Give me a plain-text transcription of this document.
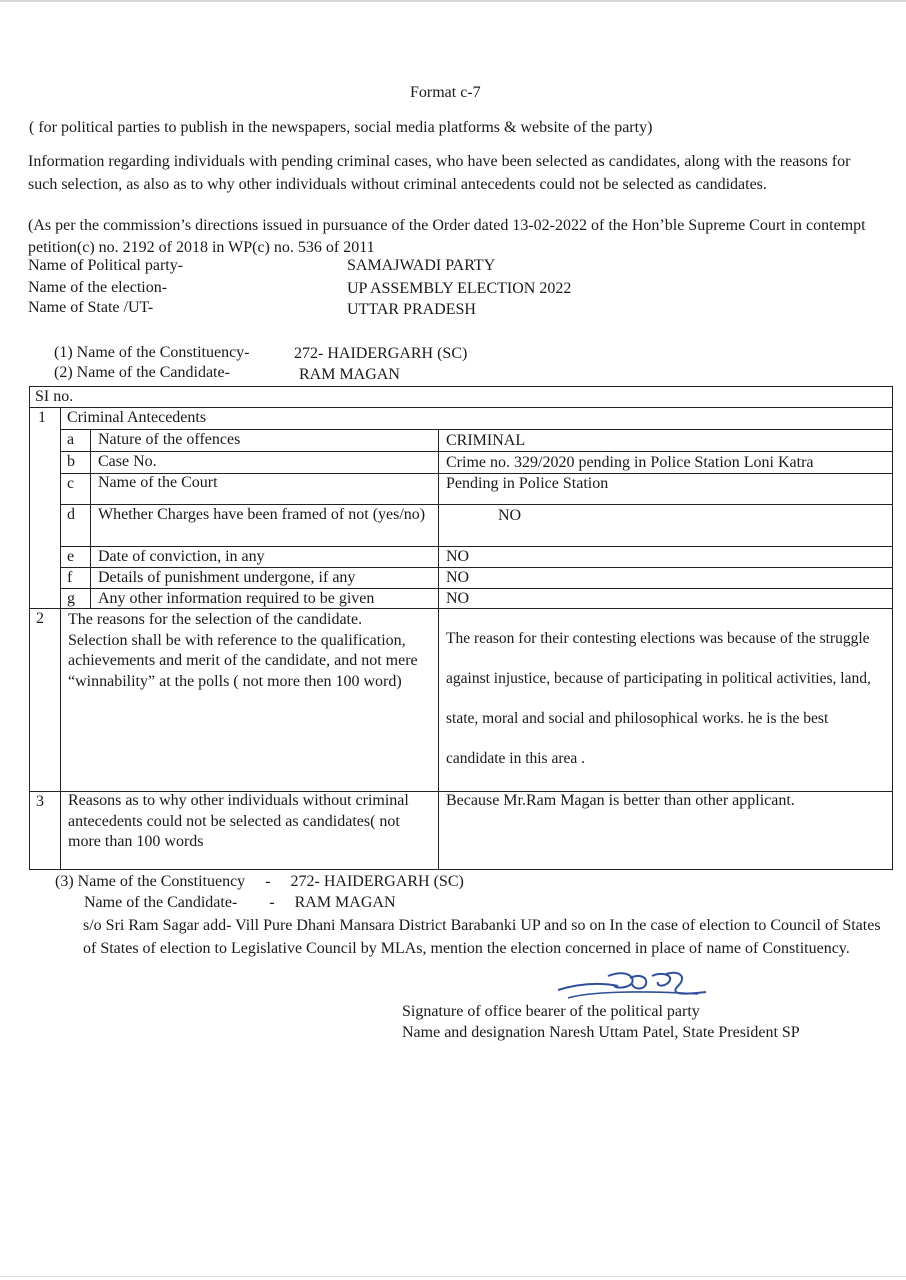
Format c-7
( for political parties to publish in the newspapers, social media platforms & website of the party)
Information regarding individuals with pending criminal cases, who have been selected as candidates, along with the reasons for such selection, as also as to why other individuals without criminal antecedents could not be selected as candidates.
(As per the commission’s directions issued in pursuance of the Order dated 13-02-2022 of the Hon’ble Supreme Court in contempt petition(c) no. 2192 of 2018 in WP(c) no. 536 of 2011
Name of Political party-	SAMAJWADI PARTY
Name of the election-	UP ASSEMBLY ELECTION 2022
Name of State /UT-	UTTAR PRADESH
(1) Name of the Constituency-	272- HAIDERGARH (SC)
(2) Name of the Candidate-	RAM MAGAN
SI no.
1 Criminal Antecedents
a Nature of the offences	CRIMINAL
b Case No.	Crime no. 329/2020 pending in Police Station Loni Katra
c Name of the Court	Pending in Police Station
d Whether Charges have been framed of not (yes/no)	NO
e Date of conviction, in any	NO
f Details of punishment undergone, if any	NO
g Any other information required to be given	NO
2 The reasons for the selection of the candidate. Selection shall be with reference to the qualification, achievements and merit of the candidate, and not mere “winnability” at the polls ( not more then 100 word)
The reason for their contesting elections was because of the struggle against injustice, because of participating in political activities, land, state, moral and social and philosophical works. he is the best candidate in this area .
3 Reasons as to why other individuals without criminal antecedents could not be selected as candidates( not more than 100 words
Because Mr.Ram Magan is better than other applicant.
(3) Name of the Constituency     -     272- HAIDERGARH (SC)
Name of the Candidate-        -     RAM MAGAN
s/o Sri Ram Sagar add- Vill Pure Dhani Mansara District Barabanki UP and so on In the case of election to Council of States of States of election to Legislative Council by MLAs, mention the election concerned in place of name of Constituency.
Signature of office bearer of the political party
Name and designation Naresh Uttam Patel, State President SP
